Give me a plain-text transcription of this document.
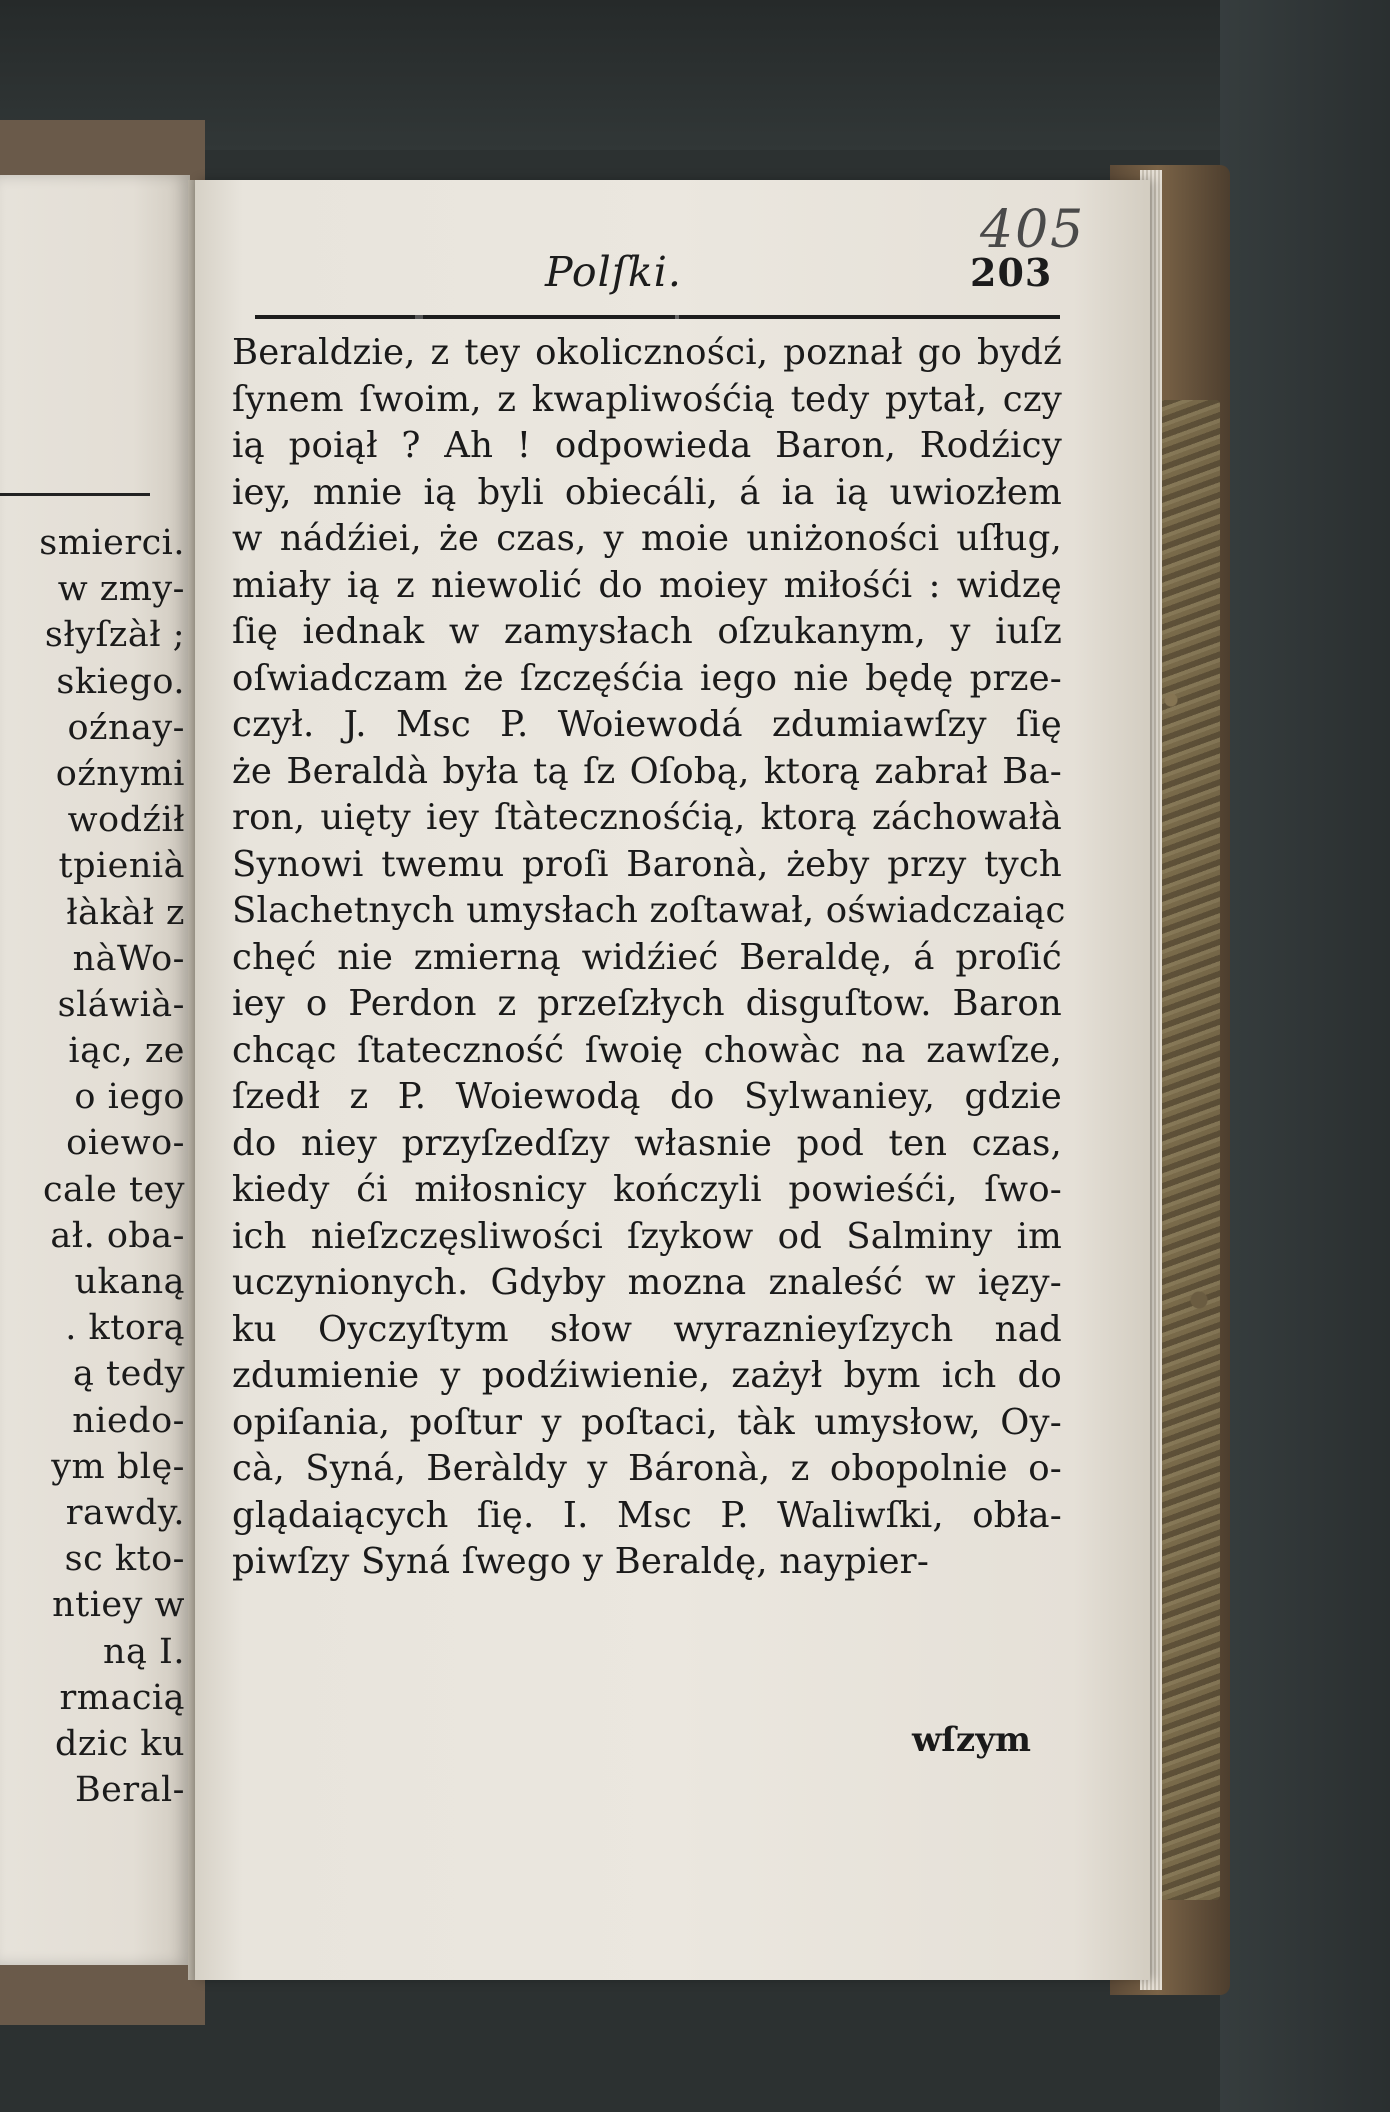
smierci.
w zmy-
słyſzàł ;
skiego.
oźnay-
oźnymi
wodźił
tpienià
łàkàł z
nàWo-
sláwià-
iąc, ze
o iego
oiewo-
cale tey
ał. oba-
ukaną
. ktorą
ą tedy
niedo-
ym blę-
rawdy.
sc kto-
ntiey w
ną I.
rmacią
dzic ku
Beral-
405
Polſki.	203
Beraldzie, z tey okoliczności, poznał go bydź
ſynem ſwoim, z kwapliwośćią tedy pytał, czy
ią poiął ? Ah ! odpowieda Baron, Rodźicy
iey, mnie ią byli obiecáli, á ia ią uwiozłem
w nádźiei, że czas, y moie uniżoności uſług,
miały ią z niewolić do moiey miłośći : widzę
ſię iednak w zamysłach oſzukanym, y iuſz
oſwiadczam że ſzczęśćia iego nie będę prze-
czył. J. Msc P. Woiewodá zdumiawſzy ſię
że Beraldà była tą ſz Oſobą, ktorą zabrał Ba-
ron, uięty iey ſtàtecznośćią, ktorą záchowałà
Synowi twemu proſi Baronà, żeby przy tych
Slachetnych umysłach zoſtawał, oświadczaiąc
chęć nie zmierną widźieć Beraldę, á proſić
iey o Perdon z przeſzłych disguſtow. Baron
chcąc ſtateczność ſwoię chowàc na zawſze,
ſzedł z P. Woiewodą do Sylwaniey, gdzie
do niey przyſzedſzy własnie pod ten czas,
kiedy ći miłosnicy kończyli powieśći, ſwo-
ich nieſzczęsliwości ſzykow od Salminy im
uczynionych. Gdyby mozna znaleść w ięzy-
ku Oyczyſtym słow wyraznieyſzych nad
zdumienie y podźiwienie, zażył bym ich do
opiſania, poſtur y poſtaci, tàk umysłow, Oy-
cà, Syná, Beràldy y Báronà, z obopolnie o-
glądaiących ſię. I. Msc P. Waliwſki, obła-
piwſzy Syná ſwego y Beraldę, naypier-
wſzym
